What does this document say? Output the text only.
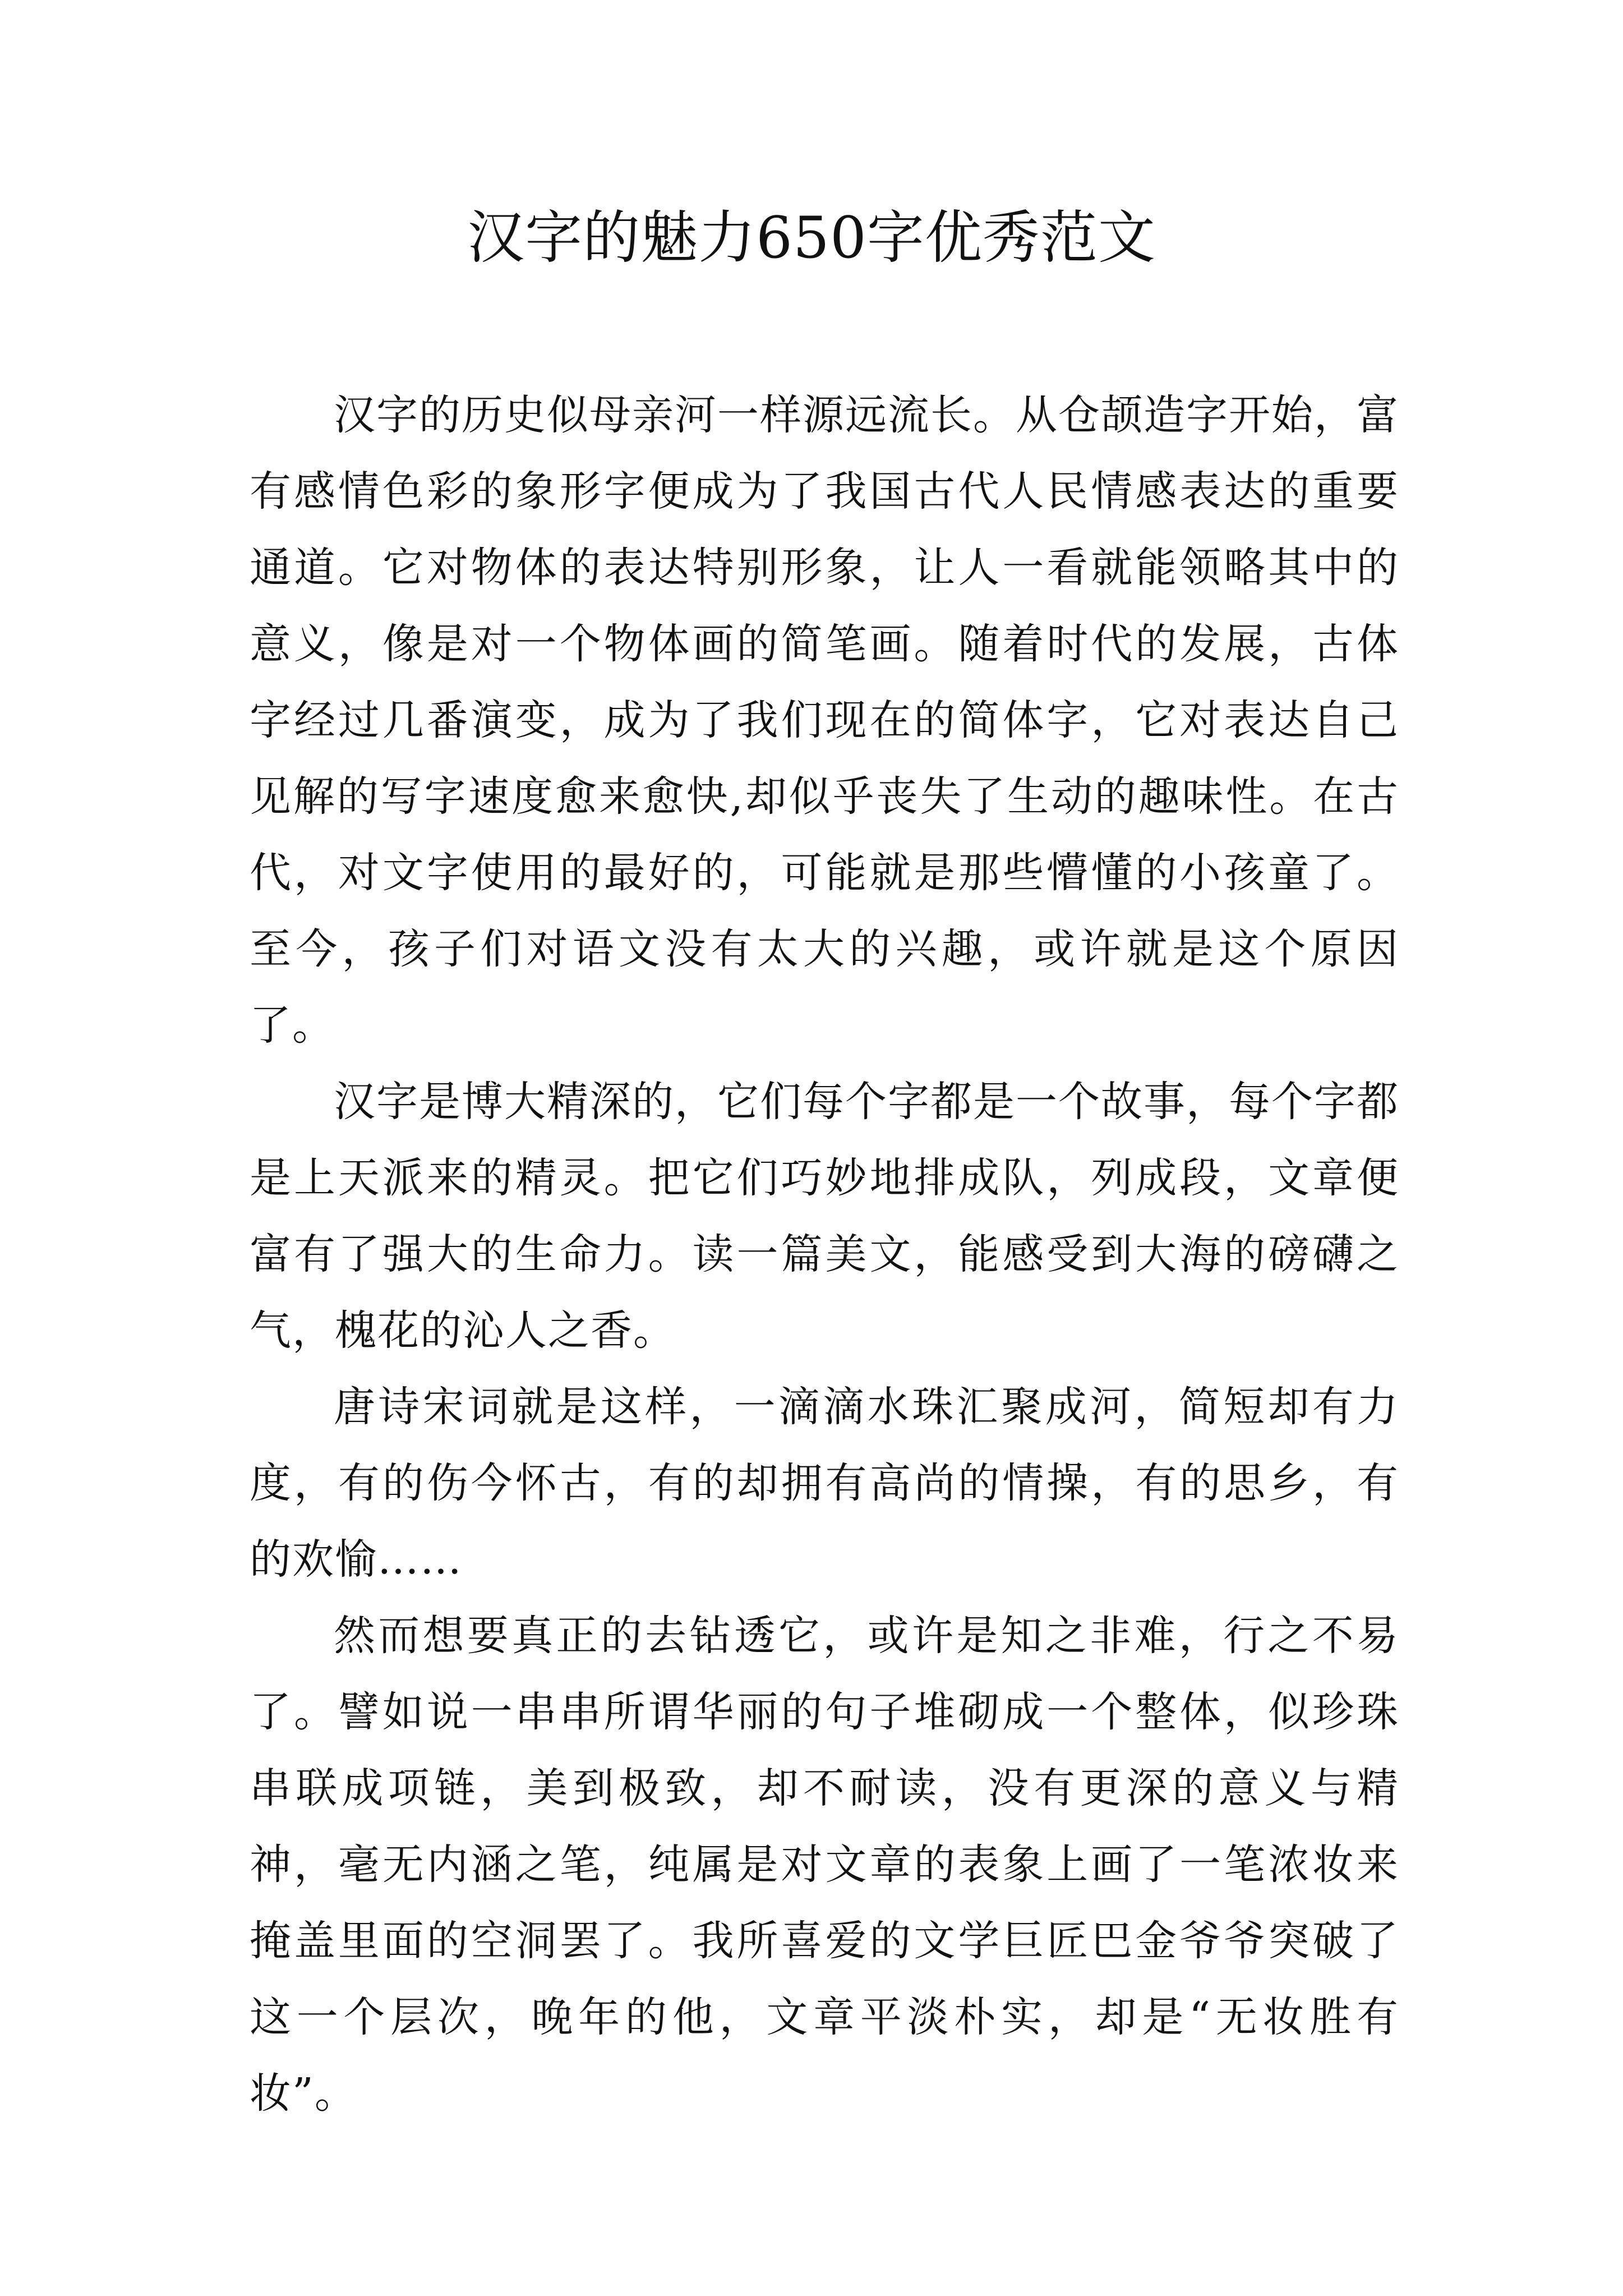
汉字的魅力650字优秀范文

汉字的历史似母亲河一样源远流长。从仓颉造字开始，富有感情色彩的象形字便成为了我国古代人民情感表达的重要通道。它对物体的表达特别形象，让人一看就能领略其中的意义，像是对一个物体画的简笔画。随着时代的发展，古体字经过几番演变，成为了我们现在的简体字，它对表达自己见解的写字速度愈来愈快,却似乎丧失了生动的趣味性。在古代，对文字使用的最好的，可能就是那些懵懂的小孩童了。至今，孩子们对语文没有太大的兴趣，或许就是这个原因了。

汉字是博大精深的，它们每个字都是一个故事，每个字都是上天派来的精灵。把它们巧妙地排成队，列成段，文章便富有了强大的生命力。读一篇美文，能感受到大海的磅礴之气，槐花的沁人之香。

唐诗宋词就是这样，一滴滴水珠汇聚成河，简短却有力度，有的伤今怀古，有的却拥有高尚的情操，有的思乡，有的欢愉……

然而想要真正的去钻透它，或许是知之非难，行之不易了。譬如说一串串所谓华丽的句子堆砌成一个整体，似珍珠串联成项链，美到极致，却不耐读，没有更深的意义与精神，毫无内涵之笔，纯属是对文章的表象上画了一笔浓妆来掩盖里面的空洞罢了。我所喜爱的文学巨匠巴金爷爷突破了这一个层次，晚年的他，文章平淡朴实，却是“无妆胜有妆”。
